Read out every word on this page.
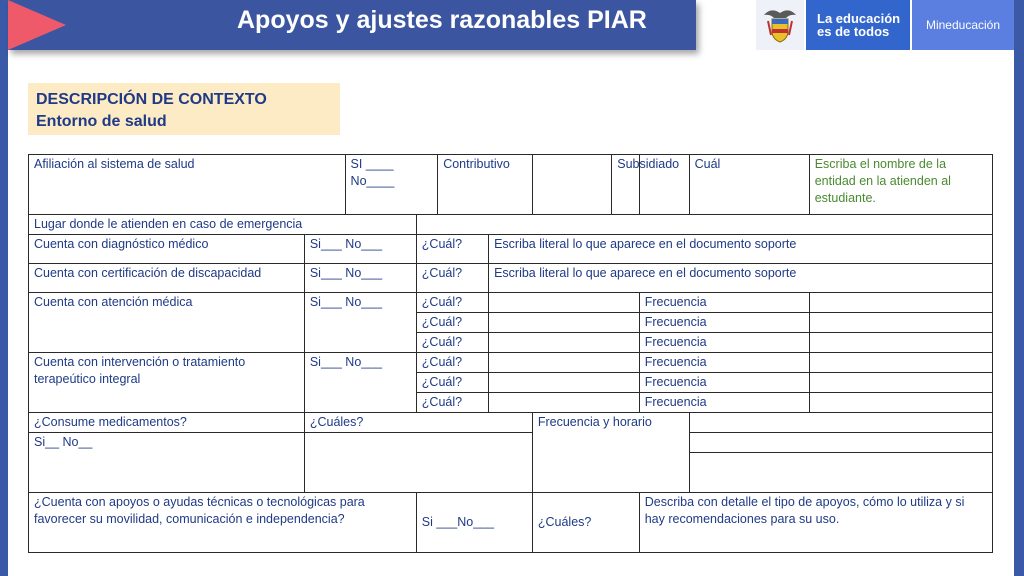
Apoyos y ajustes razonables PIAR	La educación
es de todos	Mineducación
DESCRIPCIÓN DE CONTEXTO
Entorno de salud
Afiliación al sistema de salud		SI ____ No____		Contributivo			Subsidiado		Cuál	Escriba el nombre de la entidad en la atienden al estudiante.
Lugar donde le atienden en caso de emergencia										
Cuenta con diagnóstico médico	Si___ No___		¿Cuál?		Escriba literal lo que aparece en el documento soporte					
Cuenta con certificación de discapacidad	Si___ No___		¿Cuál?		Escriba literal lo que aparece en el documento soporte					
Cuenta con atención médica	Si___ No___		¿Cuál?					Frecuencia		
			¿Cuál?					Frecuencia		
			¿Cuál?					Frecuencia		
Cuenta con intervención o tratamiento terapeútico integral	Si___ No___		¿Cuál?					Frecuencia		
			¿Cuál?					Frecuencia		
			¿Cuál?					Frecuencia		
¿Consume medicamentos?	¿Cuáles?					Frecuencia y horario				
Si__ No__										

¿Cuenta con apoyos o ayudas técnicas o tecnológicas para favorecer su movilidad, comunicación e independencia?			Si ___No___			¿Cuáles?		Describa con detalle el tipo de apoyos, cómo lo utiliza y si hay recomendaciones para su uso.		
